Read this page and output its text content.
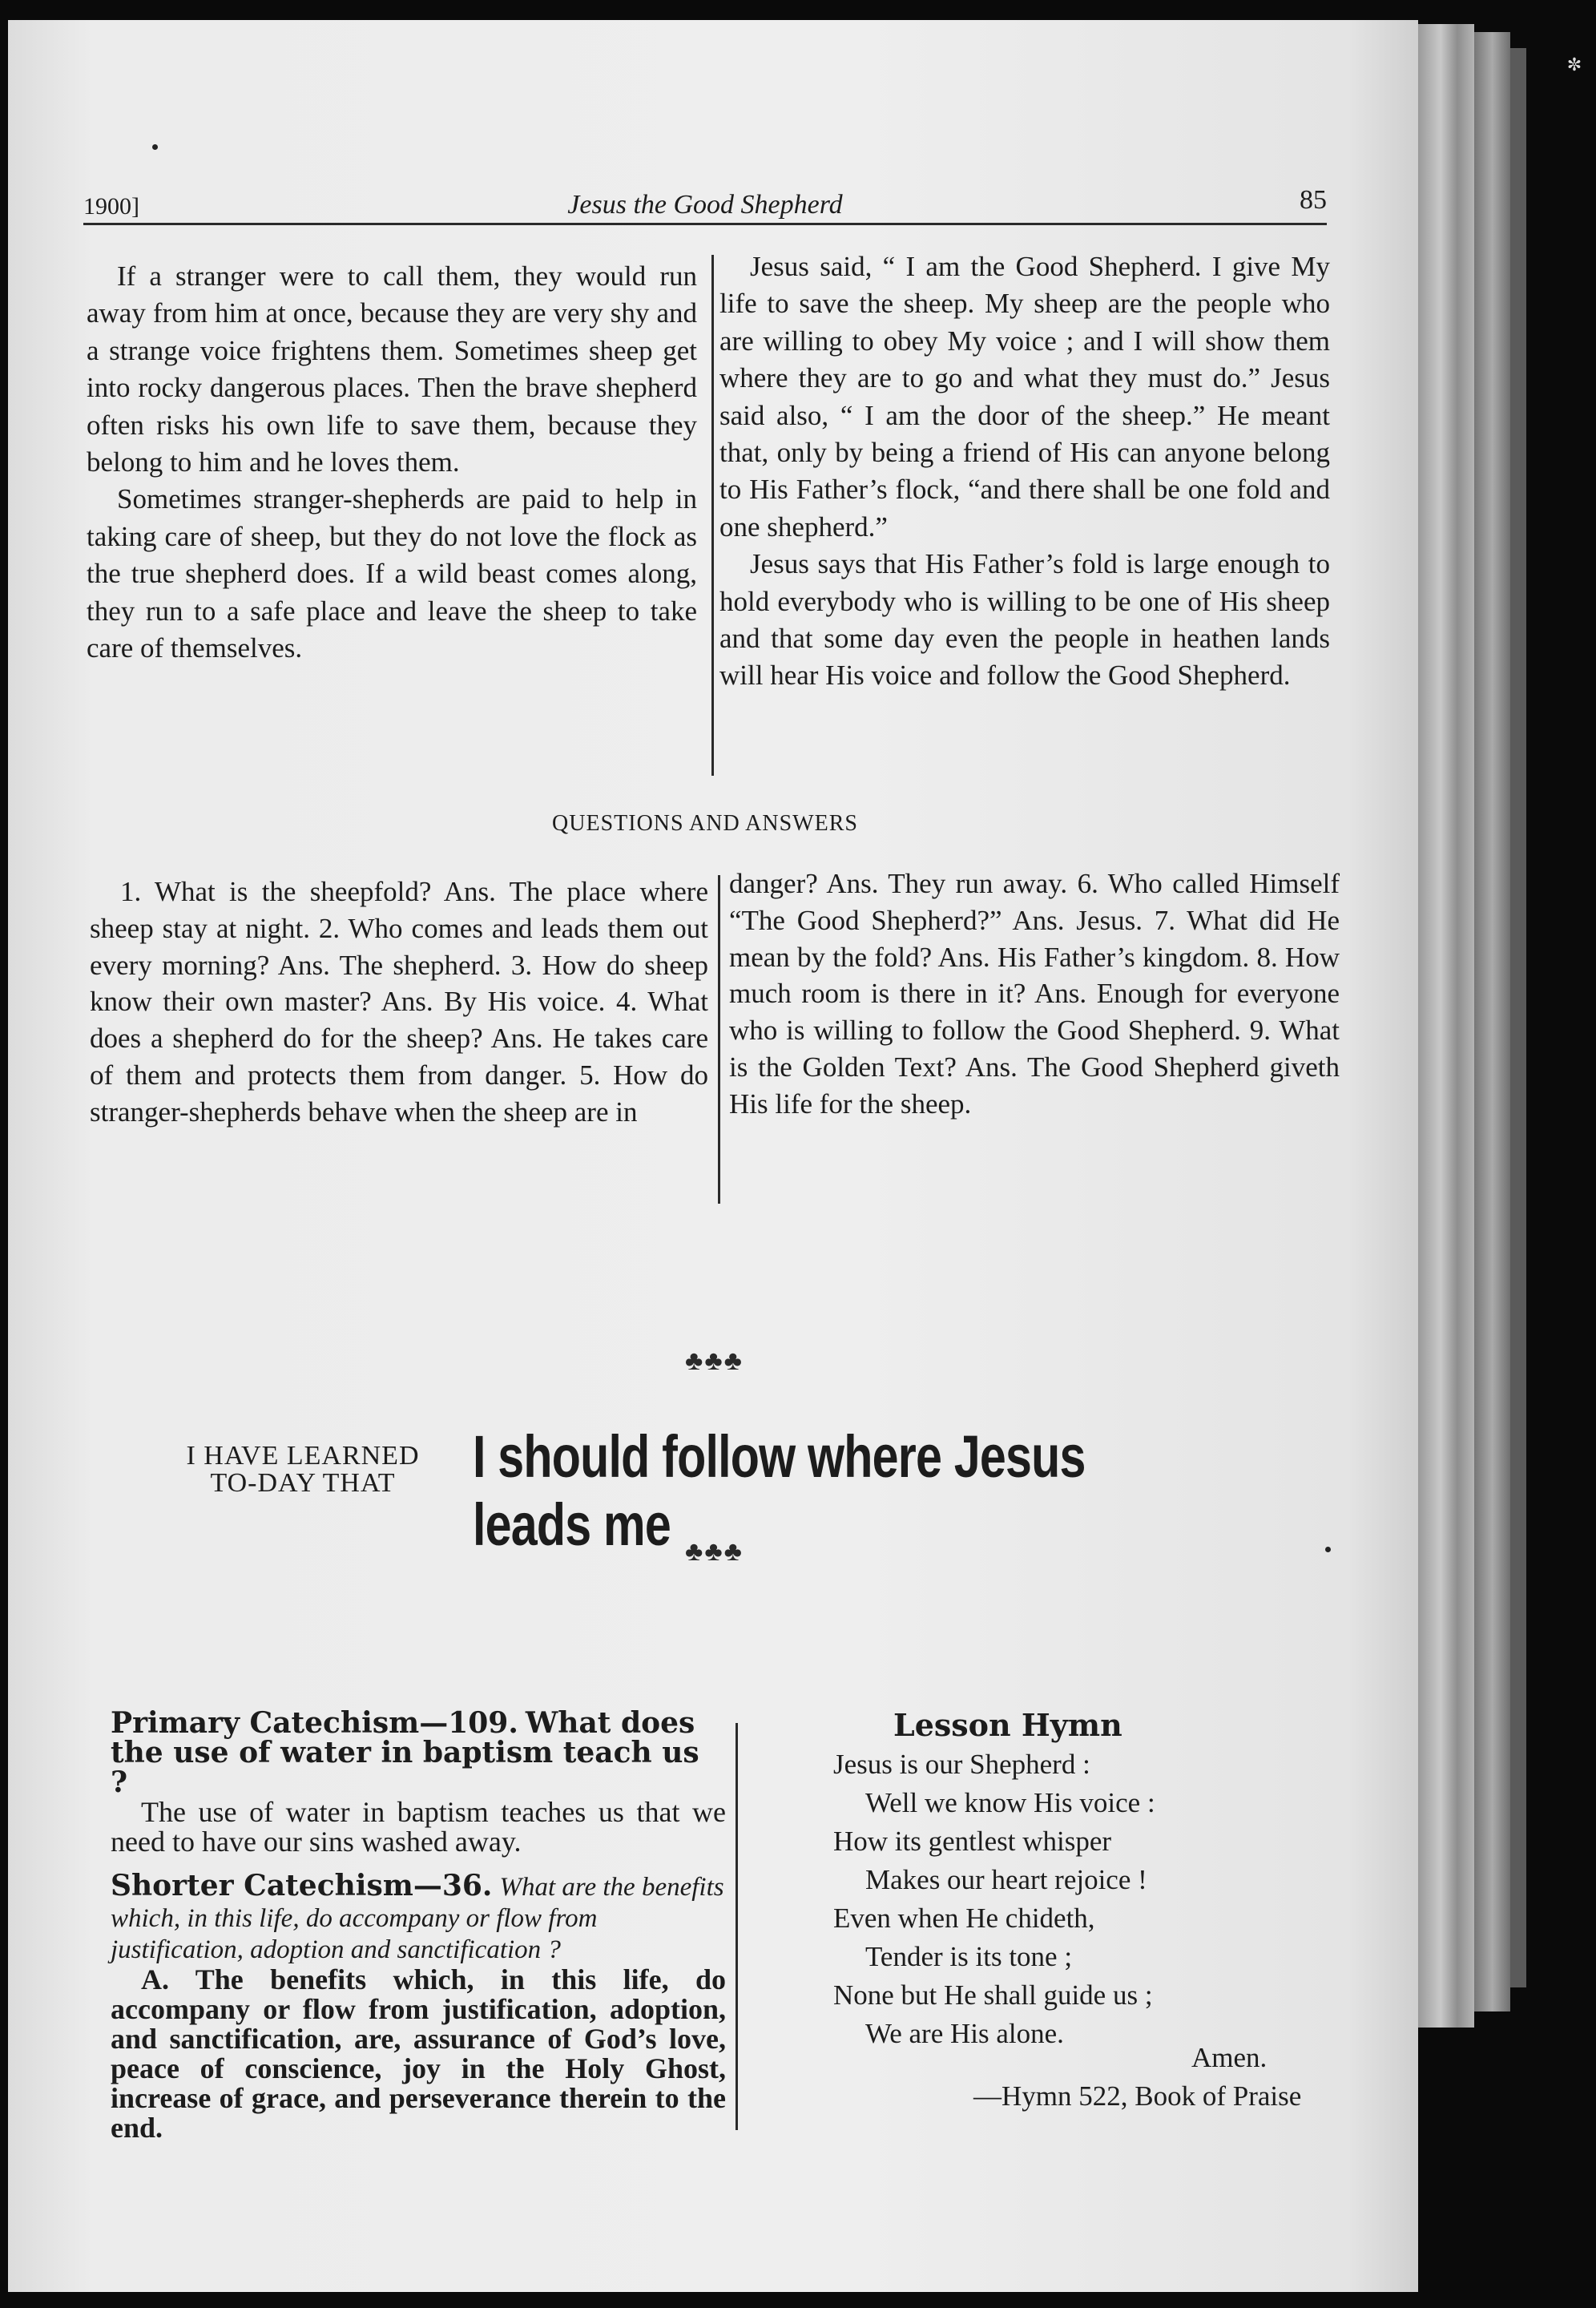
✼
1900]	Jesus the Good Shepherd	85

If a stranger were to call them, they would run away from him at once, because they are very shy and a strange voice frightens them. Sometimes sheep get into rocky dangerous places. Then the brave shepherd often risks his own life to save them, because they belong to him and he loves them.

Sometimes stranger-shepherds are paid to help in taking care of sheep, but they do not love the flock as the true shepherd does. If a wild beast comes along, they run to a safe place and leave the sheep to take care of themselves.

Jesus said, “ I am the Good Shepherd. I give My life to save the sheep. My sheep are the people who are willing to obey My voice ; and I will show them where they are to go and what they must do.” Jesus said also, “ I am the door of the sheep.” He meant that, only by being a friend of His can anyone belong to His Father’s flock, “and there shall be one fold and one shepherd.”

Jesus says that His Father’s fold is large enough to hold everybody who is willing to be one of His sheep and that some day even the people in heathen lands will hear His voice and follow the Good Shepherd.

QUESTIONS AND ANSWERS

1. What is the sheepfold? Ans. The place where sheep stay at night. 2. Who comes and leads them out every morning? Ans. The shepherd. 3. How do sheep know their own master? Ans. By His voice. 4. What does a shepherd do for the sheep? Ans. He takes care of them and protects them from danger. 5. How do stranger-shepherds behave when the sheep are in

danger? Ans. They run away. 6. Who called Himself “The Good Shepherd?” Ans. Jesus. 7. What did He mean by the fold? Ans. His Father’s kingdom. 8. How much room is there in it? Ans. Enough for everyone who is willing to follow the Good Shepherd. 9. What is the Golden Text? Ans. The Good Shepherd giveth His life for the sheep.

♣♣♣
I HAVE LEARNED
TO-DAY THAT	I should follow where Jesus leads me ♣♣♣

Primary Catechism—109. What does the use of water in baptism teach us ?

The use of water in baptism teaches us that we need to have our sins washed away.

Shorter Catechism—36. What are the benefits which, in this life, do accompany or flow from justification, adoption and sanctification ?

A. The benefits which, in this life, do accompany or flow from justification, adoption, and sanctification, are, assurance of God’s love, peace of conscience, joy in the Holy Ghost, increase of grace, and perseverance therein to the end.

Lesson Hymn
Jesus is our Shepherd :
Well we know His voice :
How its gentlest whisper
Makes our heart rejoice !
Even when He chideth,
Tender is its tone ;
None but He shall guide us ;
We are His alone.
Amen.
—Hymn 522, Book of Praise
